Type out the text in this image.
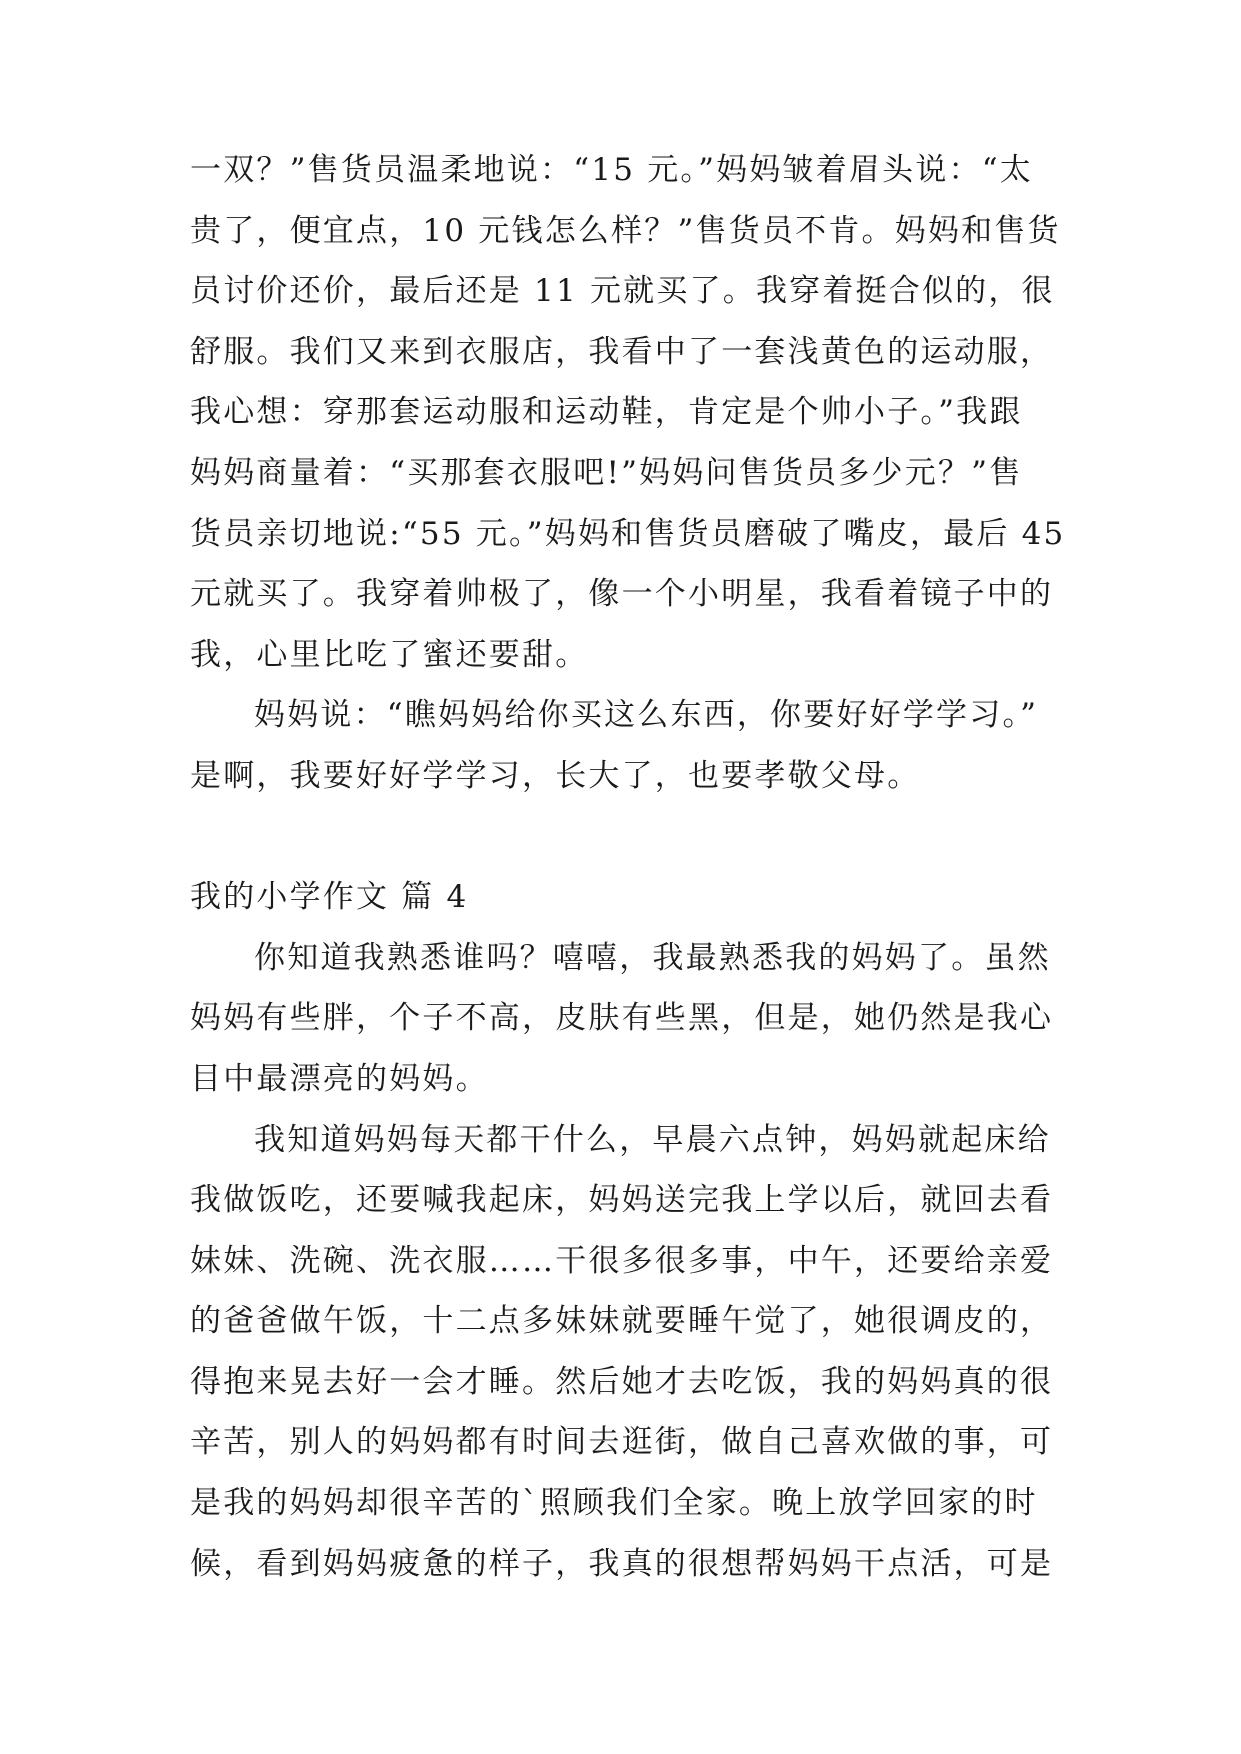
一双？”售货员温柔地说：“15 元。”妈妈皱着眉头说：“太
贵了，便宜点，10 元钱怎么样？”售货员不肯。妈妈和售货
员讨价还价，最后还是 11 元就买了。我穿着挺合似的，很
舒服。我们又来到衣服店，我看中了一套浅黄色的运动服，
我心想：穿那套运动服和运动鞋，肯定是个帅小子。”我跟
妈妈商量着：“买那套衣服吧!”妈妈问售货员多少元？”售
货员亲切地说:“55 元。”妈妈和售货员磨破了嘴皮，最后 45
元就买了。我穿着帅极了，像一个小明星，我看着镜子中的
我，心里比吃了蜜还要甜。
妈妈说：“瞧妈妈给你买这么东西，你要好好学学习。”
是啊，我要好好学学习，长大了，也要孝敬父母。
我的小学作文 篇 4
你知道我熟悉谁吗？嘻嘻，我最熟悉我的妈妈了。虽然
妈妈有些胖，个子不高，皮肤有些黑，但是，她仍然是我心
目中最漂亮的妈妈。
我知道妈妈每天都干什么，早晨六点钟，妈妈就起床给
我做饭吃，还要喊我起床，妈妈送完我上学以后，就回去看
妹妹、洗碗、洗衣服……干很多很多事，中午，还要给亲爱
的爸爸做午饭，十二点多妹妹就要睡午觉了，她很调皮的，
得抱来晃去好一会才睡。然后她才去吃饭，我的妈妈真的很
辛苦，别人的妈妈都有时间去逛街，做自己喜欢做的事，可
是我的妈妈却很辛苦的`照顾我们全家。晚上放学回家的时
候，看到妈妈疲惫的样子，我真的很想帮妈妈干点活，可是
